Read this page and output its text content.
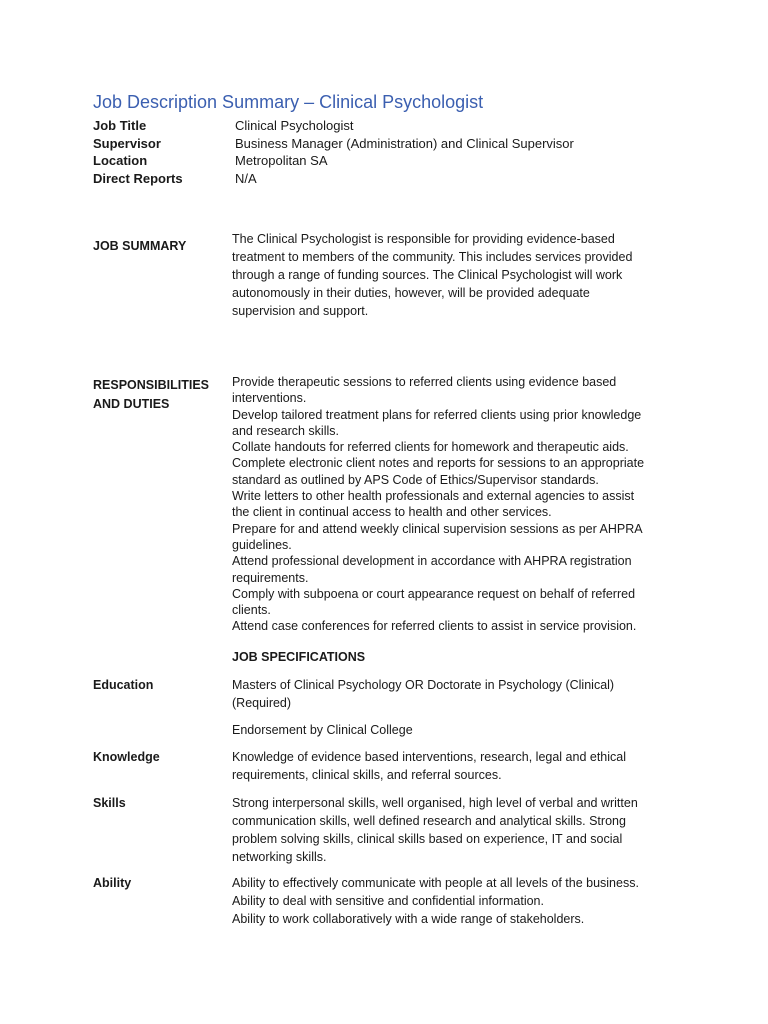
Job Description Summary – Clinical Psychologist
Job Title	Clinical Psychologist
Supervisor	Business Manager (Administration) and Clinical Supervisor
Location	Metropolitan SA
Direct Reports	N/A
JOB SUMMARY	The Clinical Psychologist is responsible for providing evidence-based
treatment to members of the community. This includes services provided
through a range of funding sources. The Clinical Psychologist will work
autonomously in their duties, however, will be provided adequate
supervision and support.
RESPONSIBILITIES
AND DUTIES
Provide therapeutic sessions to referred clients using evidence based
interventions.
Develop tailored treatment plans for referred clients using prior knowledge
and research skills.
Collate handouts for referred clients for homework and therapeutic aids.
Complete electronic client notes and reports for sessions to an appropriate
standard as outlined by APS Code of Ethics/Supervisor standards.
Write letters to other health professionals and external agencies to assist
the client in continual access to health and other services.
Prepare for and attend weekly clinical supervision sessions as per AHPRA
guidelines.
Attend professional development in accordance with AHPRA registration
requirements.
Comply with subpoena or court appearance request on behalf of referred
clients.
Attend case conferences for referred clients to assist in service provision.
JOB SPECIFICATIONS
Education	Masters of Clinical Psychology OR Doctorate in Psychology (Clinical)
(Required)
Endorsement by Clinical College
Knowledge	Knowledge of evidence based interventions, research, legal and ethical
requirements, clinical skills, and referral sources.
Skills	Strong interpersonal skills, well organised, high level of verbal and written
communication skills, well defined research and analytical skills. Strong
problem solving skills, clinical skills based on experience, IT and social
networking skills.
Ability	Ability to effectively communicate with people at all levels of the business.
Ability to deal with sensitive and confidential information.
Ability to work collaboratively with a wide range of stakeholders.
